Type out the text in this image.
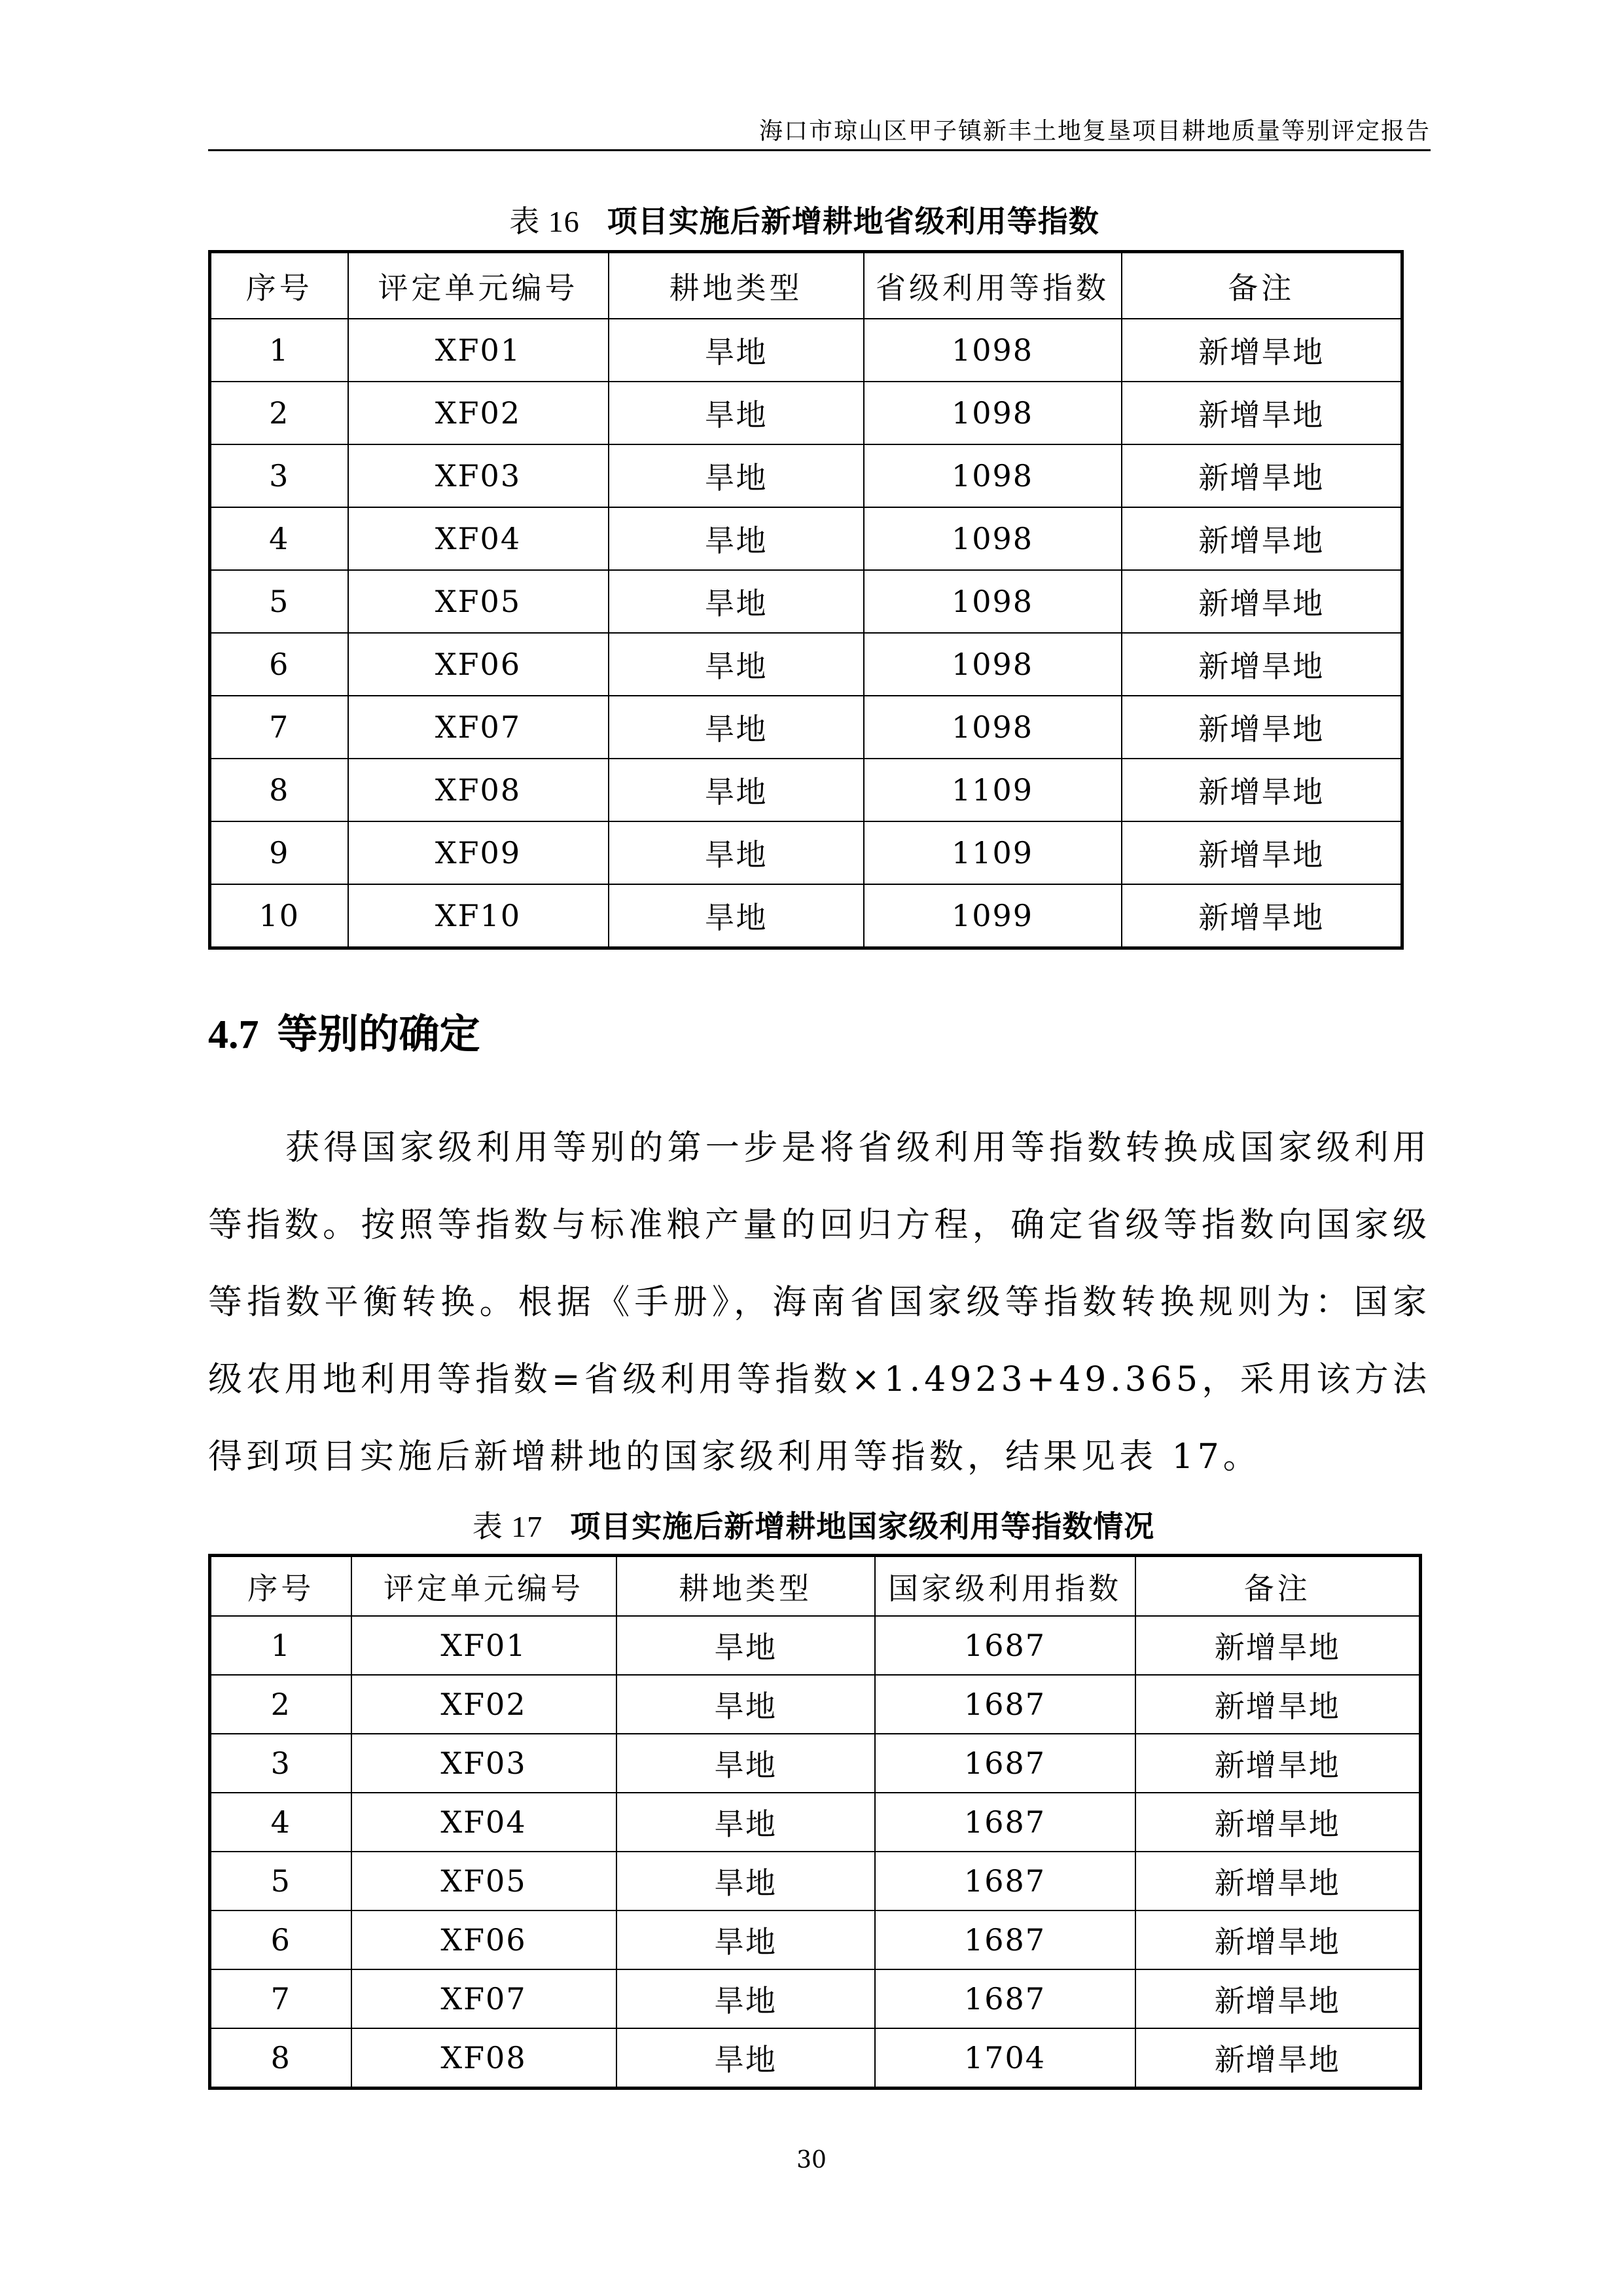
海口市琼山区甲子镇新丰土地复垦项目耕地质量等别评定报告
表 16 项目实施后新增耕地省级利用等指数
序号	评定单元编号	耕地类型	省级利用等指数	备注
1	XF01	旱地	1098	新增旱地
2	XF02	旱地	1098	新增旱地
3	XF03	旱地	1098	新增旱地
4	XF04	旱地	1098	新增旱地
5	XF05	旱地	1098	新增旱地
6	XF06	旱地	1098	新增旱地
7	XF07	旱地	1098	新增旱地
8	XF08	旱地	1109	新增旱地
9	XF09	旱地	1109	新增旱地
10	XF10	旱地	1099	新增旱地
4.7 等别的确定
获得国家级利用等别的第一步是将省级利用等指数转换成国家级利用等指数。按照等指数与标准粮产量的回归方程，确定省级等指数向国家级等指数平衡转换。根据《手册》，海南省国家级等指数转换规则为：国家级农用地利用等指数=省级利用等指数×1.4923+49.365，采用该方法得到项目实施后新增耕地的国家级利用等指数，结果见表 17。
表 17 项目实施后新增耕地国家级利用等指数情况
序号	评定单元编号	耕地类型	国家级利用指数	备注
1	XF01	旱地	1687	新增旱地
2	XF02	旱地	1687	新增旱地
3	XF03	旱地	1687	新增旱地
4	XF04	旱地	1687	新增旱地
5	XF05	旱地	1687	新增旱地
6	XF06	旱地	1687	新增旱地
7	XF07	旱地	1687	新增旱地
8	XF08	旱地	1704	新增旱地
30
